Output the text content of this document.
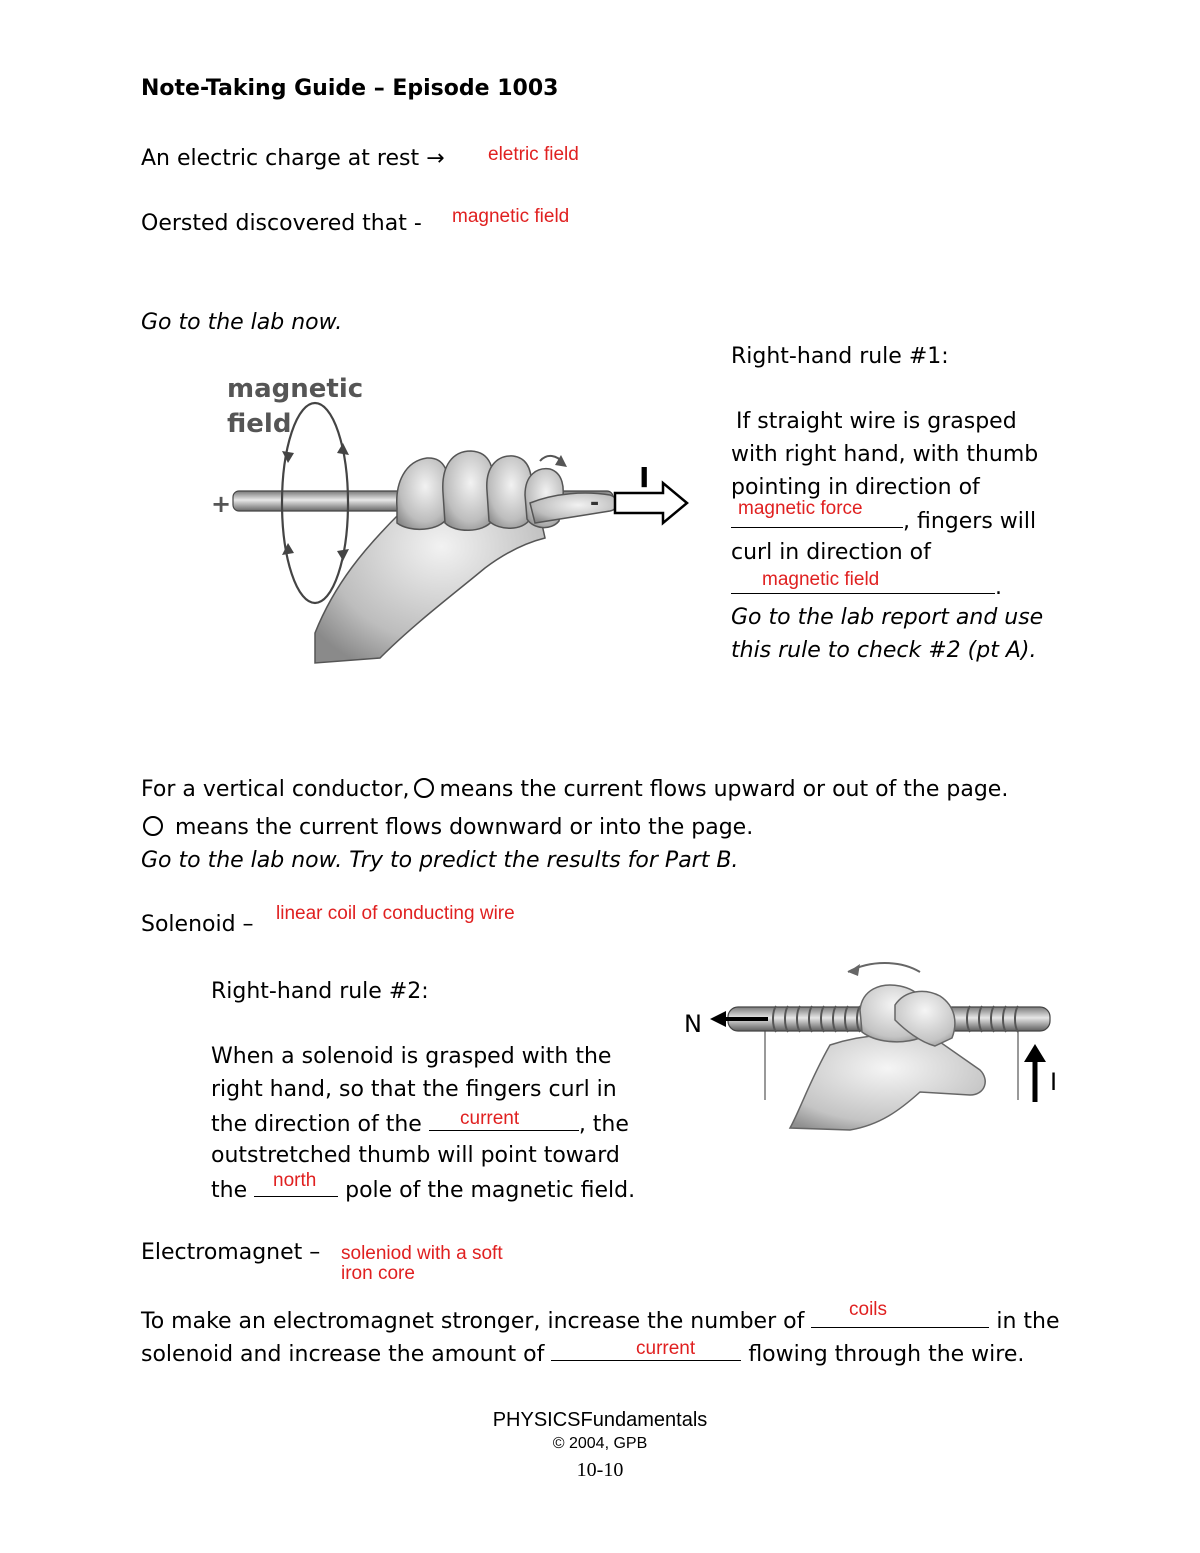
Note-Taking Guide – Episode 1003
An electric charge at rest → eletric field
Oersted discovered that - magnetic field
Go to the lab now.
magnetic
field
+	-
I
Right-hand rule #1:
If straight wire is grasped
with right hand, with thumb
pointing in direction of
, fingers will
magnetic force
curl in direction of
.
magnetic field
Go to the lab report and use
this rule to check #2 (pt A).
For a vertical conductor, means the current flows upward or out of the page.
means the current flows downward or into the page.
Go to the lab now. Try to predict the results for Part B.
Solenoid – linear coil of conducting wire
Right-hand rule #2:
When a solenoid is grasped with the
right hand, so that the fingers curl in
the direction of the	, the
current
outstretched thumb will point toward
the	pole of the magnetic field.
north
N
I
Electromagnet – soleniod with a soft
iron core
To make an electromagnet stronger, increase the number of	in the
coils
solenoid and increase the amount of	flowing through the wire.
current
PHYSICSFundamentals
© 2004, GPB
10-10
